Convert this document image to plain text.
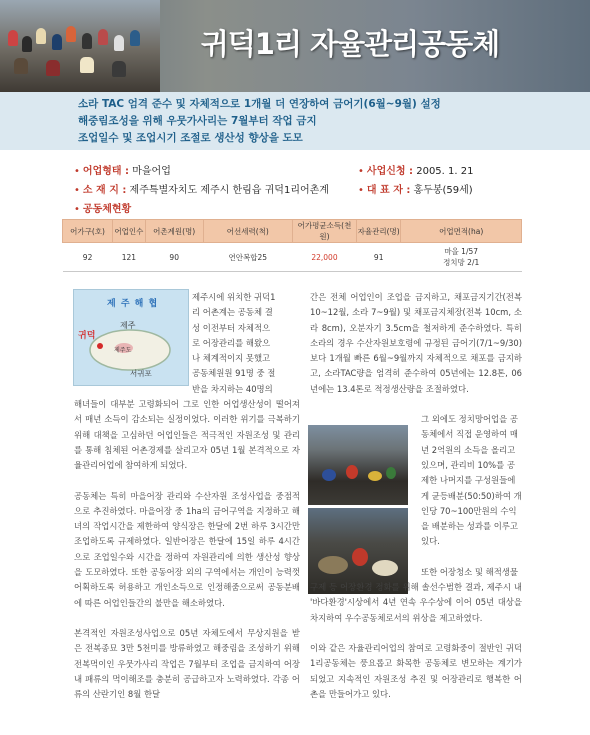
귀덕1리 자율관리공동체
소라 TAC 엄격 준수 및 자체적으로 1개월 더 연장하여 금어기(6월~9월) 설정
해중림조성을 위해 우뭇가사리는 7월부터 작업 금지
조업일수 및 조업시기 조절로 생산성 향상을 도모
• 어업형태 : 마을어업	• 사업신청 : 2005. 1. 21
• 소 재 지 : 제주특별자치도 제주시 한림읍 귀덕1리어촌계	• 대 표 자 : 홍두봉(59세)
• 공동체현황
어가구(호)	어업인수	어촌계원(명)	어선세력(척)	어가평균소득(천원)	자율관리(명)	어업면적(ha)
92	121	90	연안복합25	22,000	91	마을 1/57
정치망 2/1
제 주 해 협
제주
귀덕
제주도
서귀포
제주시에 위치한 귀덕1
리 어촌계는 공동체 결
성 이전부터 자체적으
로 어장관리를 해왔으
나 체계적이지 못했고
공동체원원 91명 중 절
반을 차지하는 40명의

해녀들이 대부분 고령화되어 그로 인한 어업생산성이 떨어져서 매년 소득이 감소되는 실정이었다. 이러한 위기를 극복하기 위해 대책을 고심하던 어업인들은 적극적인 자원조성 및 관리를 통해 침체된 어촌경제를 살리고자 05년 1월 본격적으로 자율관리어업에 참여하게 되었다.

공동체는 특히 마을어장 관리와 수산자원 조성사업을 중점적으로 추진하였다. 마을어장 중 1ha의 금어구역을 지정하고 해녀의 작업시간을 제한하여 양식장은 한달에 2번 하루 3시간만 조업하도록 규제하였다. 일반어장은 한달에 15일 하루 4시간으로 조업일수와 시간을 정하여 자원관리에 의한 생산성 향상을 도모하였다. 또한 공동어장 외의 구역에서는 개인이 능력껏 어획하도록 허용하고 개인소득으로 인정해줌으로써 공동분배에 따른 어업인들간의 불만을 해소하였다.

본격적인 자원조성사업으로 05년 자체도에서 무상지원을 받은 전복종묘 3만 5천미를 방류하였고 해중림을 조성하기 위해 전복먹이인 우뭇가사리 작업은 7월부터 조업을 금지하여 어장내 패류의 먹이해조를 충분히 공급하고자 노력하였다. 각종 어류의 산란기인 8월 한달

간은 전체 어업인이 조업을 금지하고, 채포금지기간(전복 10~12월, 소라 7~9월) 및 채포금지체장(전복 10cm, 소라 8cm), 오분자기 3.5cm을 철저하게 준수하였다. 특히 소라의 경우 수산자원보호령에 규정된 금어기(7/1~9/30)보다 1개월 빠른 6월~9월까지 자체적으로 채포를 금지하고, 소라TAC량을 엄격히 준수하여 05년에는 12.8톤, 06년에는 13.4톤로 적정생산량을 조절하였다.

그 외에도 정치망어업을 공
동체에서 직접 운영하여 매
년 2억원의 소득을 올리고
있으며, 관리비 10%를 공
제한 나머지를 구성원들에
게 균등배분(50:50)하여 개
인당 70~100만원의 수익
을 배분하는 성과를 이루고
있다.
또한 어장청소 및 해적생물

구제 등 어장환경 정화를 위해 솔선수범한 결과, 제주시 내 '바다환경'시상에서 4년 연속 우수상에 이어 05년 대상을 차지하여 우수공동체로서의 위상을 제고하였다.

이와 같은 자율관리어업의 참여로 고령화중이 절반인 귀덕1리공동체는 풍요롭고 화목한 공동체로 변모하는 계기가 되었고 지속적인 자원조성 추진 및 어장관리로 행복한 어촌을 만들어가고 있다.
